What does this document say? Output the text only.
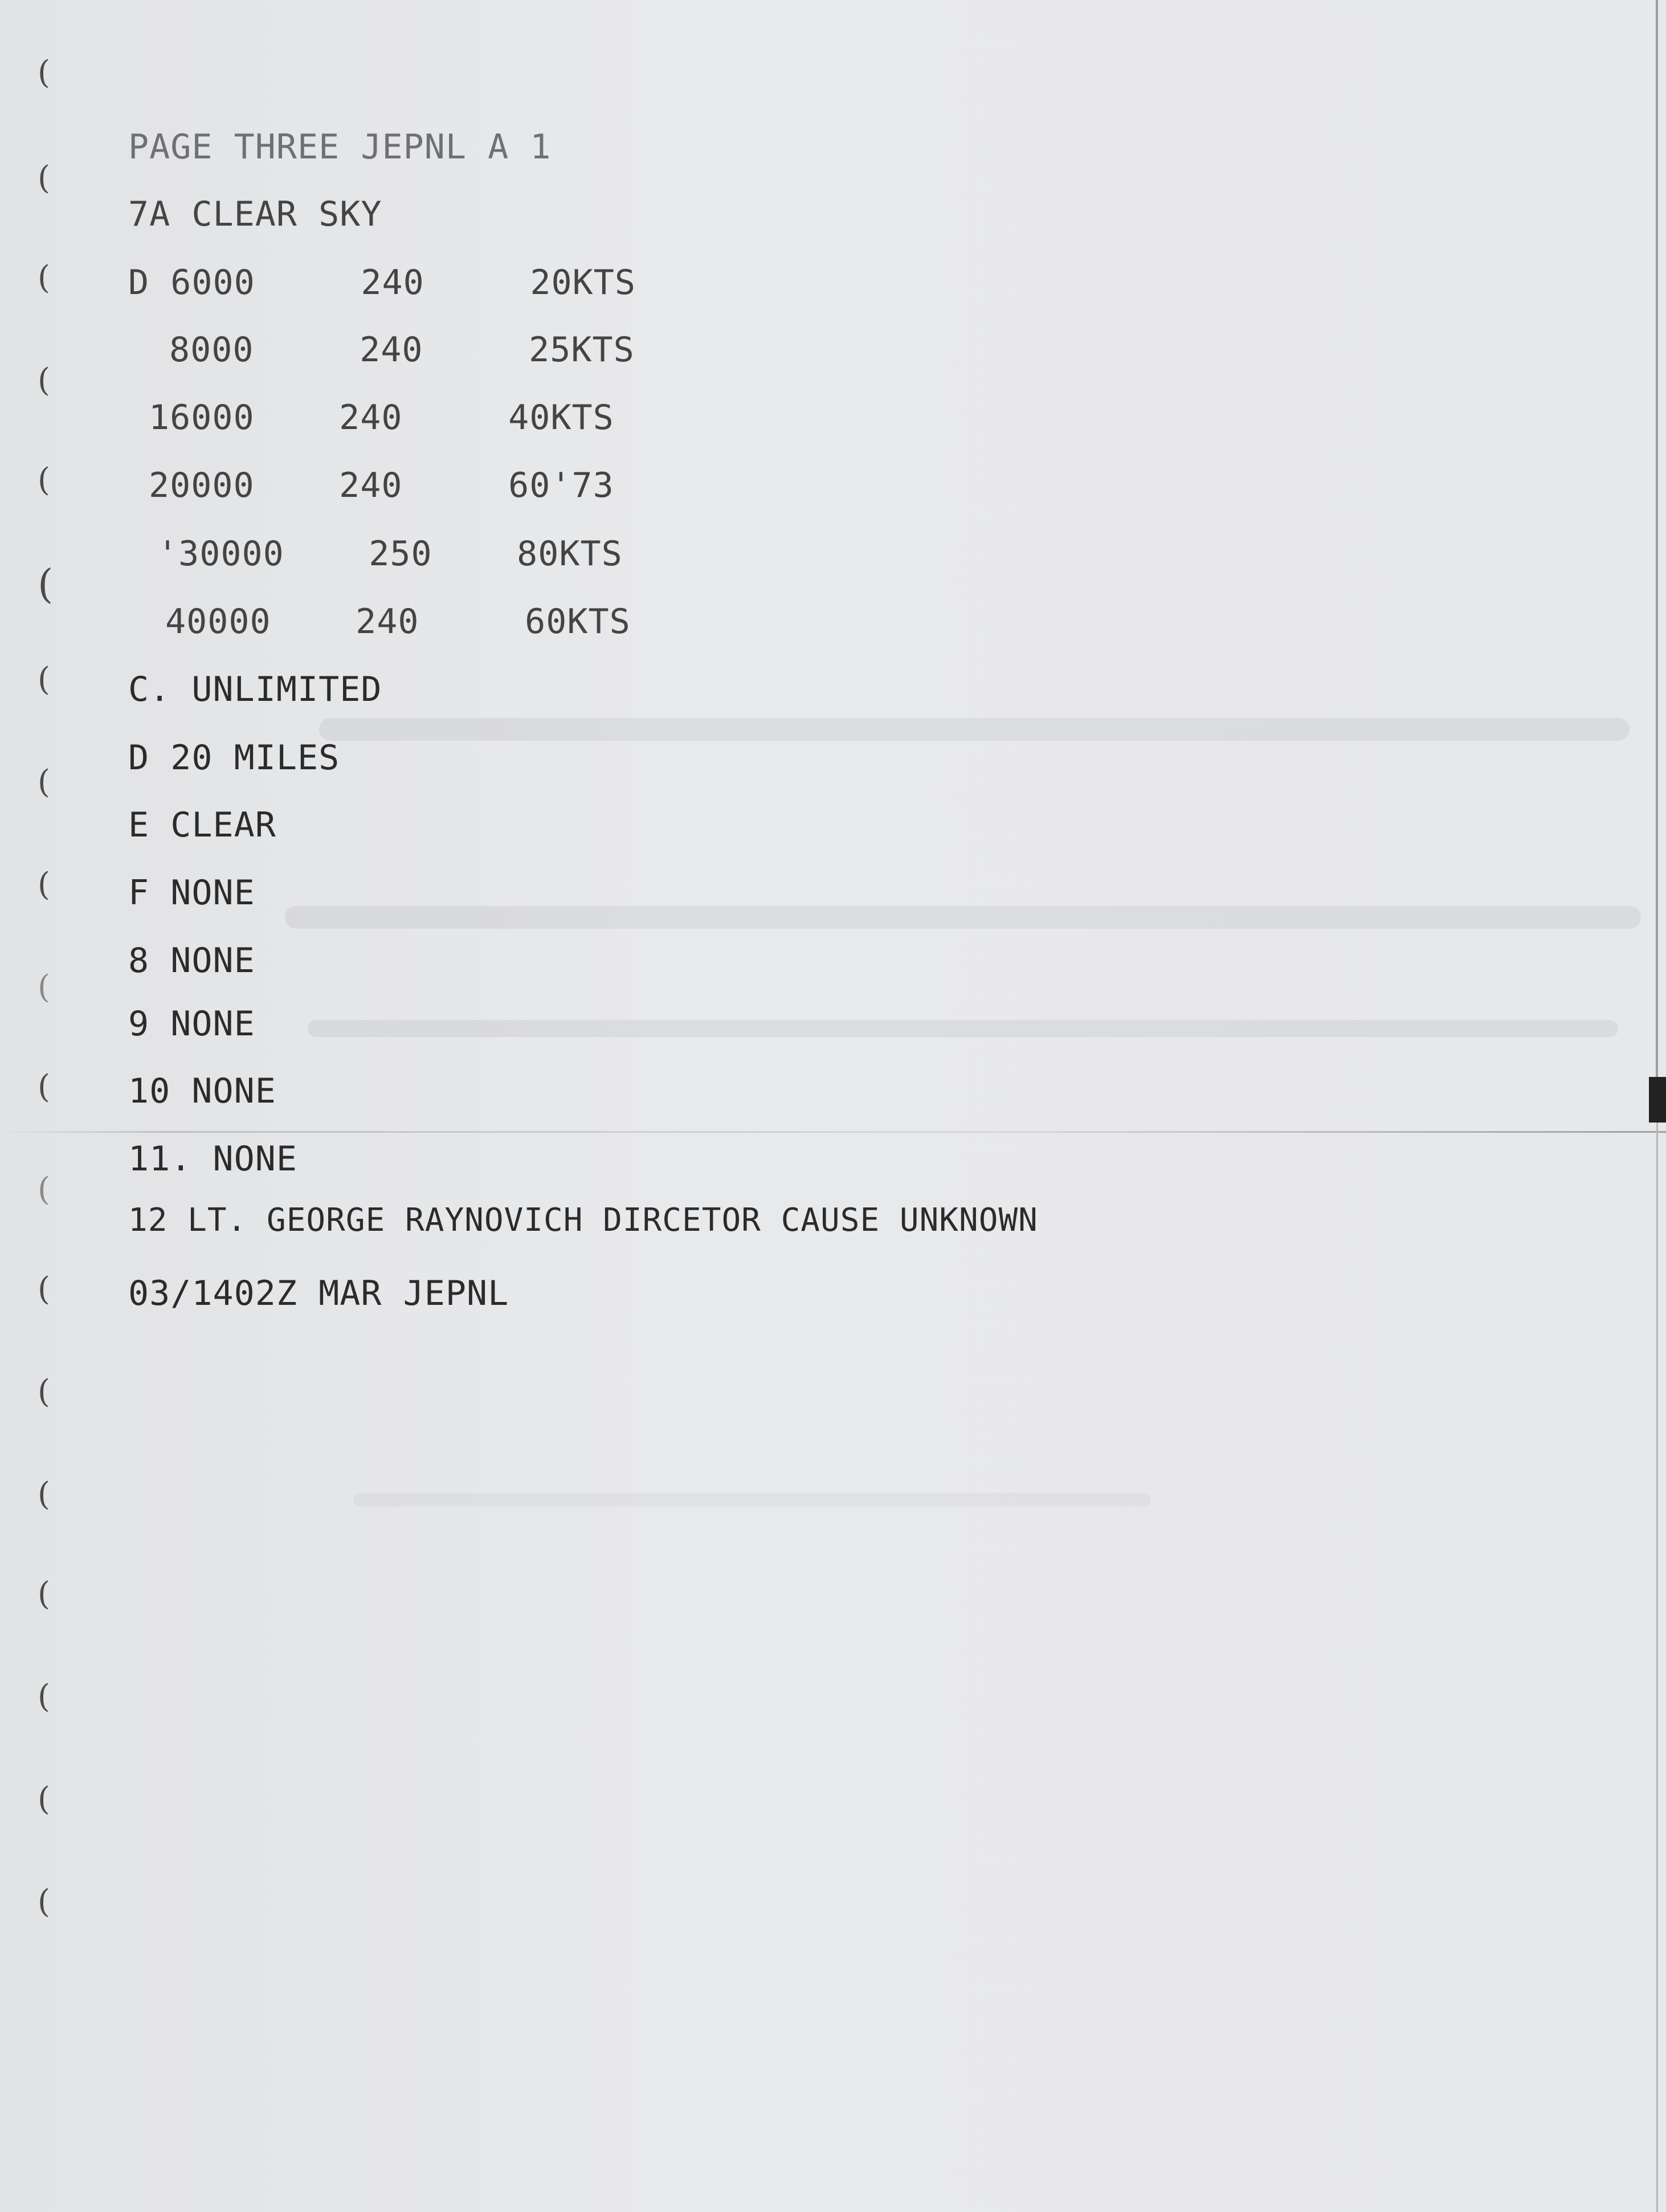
(
(
(
(
(
(
(
(
(
(
(
(
(
(
(
(
(
(
(

PAGE THREE JEPNL A 1

7A CLEAR SKY

D 6000     240     20KTS

8000     240     25KTS

16000    240     40KTS

20000    240     60'73

'30000    250    80KTS

40000    240     60KTS

C. UNLIMITED

D 20 MILES

E CLEAR

F NONE

8 NONE

9 NONE

10 NONE

11. NONE

12 LT. GEORGE RAYNOVICH DIRCETOR CAUSE UNKNOWN

03/1402Z MAR JEPNL
